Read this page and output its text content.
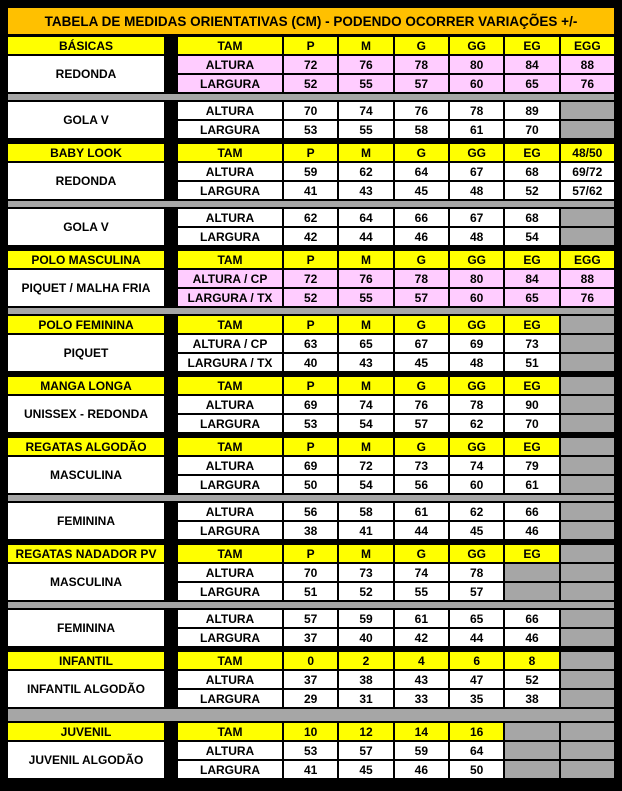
TABELA DE MEDIDAS ORIENTATIVAS (CM) - PODENDO OCORRER VARIAÇÕES +/-
BÁSICAS
REDONDA
TAM	P	M	G	GG	EG	EGG
ALTURA	72	76	78	80	84	88
LARGURA	52	55	57	60	65	76
GOLA V
ALTURA	70	74	76	78	89
LARGURA	53	55	58	61	70
BABY LOOK
REDONDA
TAM	P	M	G	GG	EG	48/50
ALTURA	59	62	64	67	68	69/72
LARGURA	41	43	45	48	52	57/62
GOLA V
ALTURA	62	64	66	67	68
LARGURA	42	44	46	48	54
POLO MASCULINA
PIQUET / MALHA FRIA
TAM	P	M	G	GG	EG	EGG
ALTURA / CP	72	76	78	80	84	88
LARGURA / TX	52	55	57	60	65	76
POLO FEMININA
PIQUET
TAM	P	M	G	GG	EG
ALTURA / CP	63	65	67	69	73
LARGURA / TX	40	43	45	48	51
MANGA LONGA
UNISSEX - REDONDA
TAM	P	M	G	GG	EG
ALTURA	69	74	76	78	90
LARGURA	53	54	57	62	70
REGATAS ALGODÃO
MASCULINA
TAM	P	M	G	GG	EG
ALTURA	69	72	73	74	79
LARGURA	50	54	56	60	61
FEMININA
ALTURA	56	58	61	62	66
LARGURA	38	41	44	45	46
REGATAS NADADOR PV
MASCULINA
TAM	P	M	G	GG	EG
ALTURA	70	73	74	78
LARGURA	51	52	55	57
FEMININA
ALTURA	57	59	61	65	66
LARGURA	37	40	42	44	46
INFANTIL
INFANTIL ALGODÃO
TAM	0	2	4	6	8
ALTURA	37	38	43	47	52
LARGURA	29	31	33	35	38
JUVENIL
JUVENIL ALGODÃO
TAM	10	12	14	16
ALTURA	53	57	59	64
LARGURA	41	45	46	50
